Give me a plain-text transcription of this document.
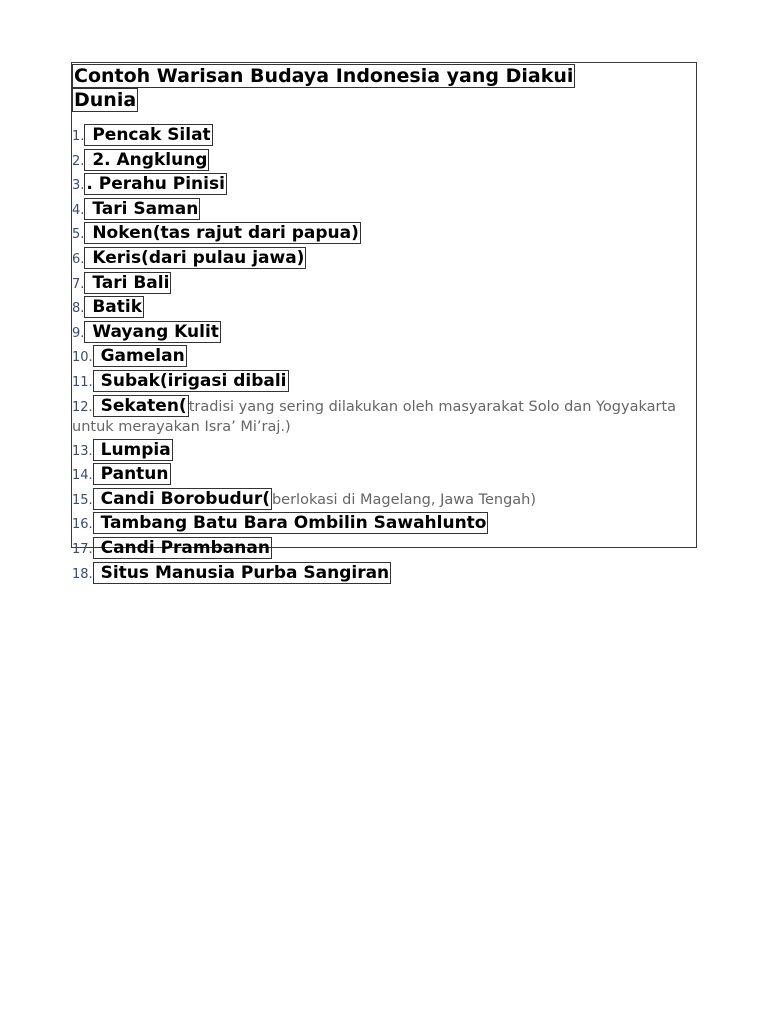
Contoh Warisan Budaya Indonesia yang Diakui
Dunia
1. Pencak Silat
2. 2. Angklung
3. . Perahu Pinisi
4. Tari Saman
5. Noken(tas rajut dari papua)
6. Keris(dari pulau jawa)
7. Tari Bali
8. Batik
9. Wayang Kulit
10. Gamelan
11. Subak(irigasi dibali
12. Sekaten( tradisi yang sering dilakukan oleh masyarakat Solo dan Yogyakarta untuk merayakan Isra’ Mi’raj.)
13. Lumpia
14. Pantun
15. Candi Borobudur( berlokasi di Magelang, Jawa Tengah)
16. Tambang Batu Bara Ombilin Sawahlunto
17. Candi Prambanan
18. Situs Manusia Purba Sangiran
